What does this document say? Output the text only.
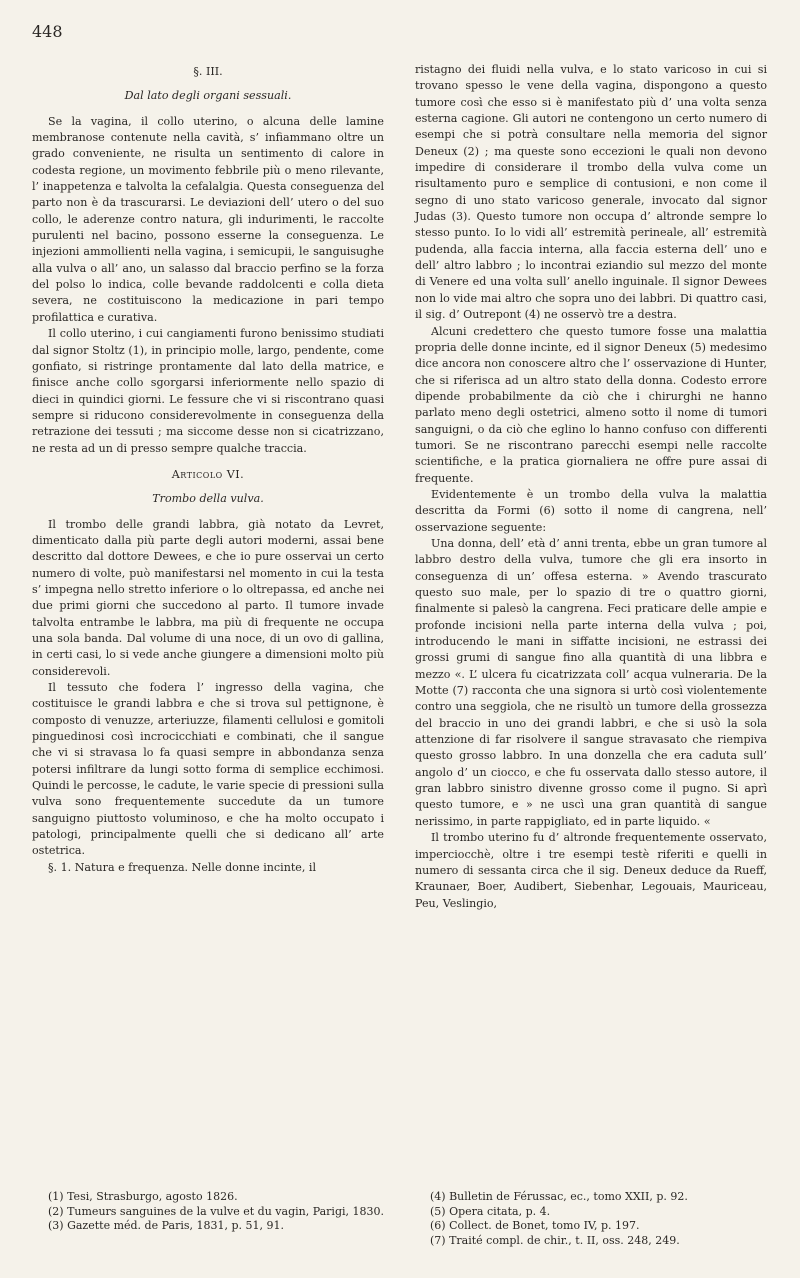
448

§. III.

Dal lato degli organi sessuali.

Se la vagina, il collo uterino, o alcuna delle lamine membranose contenute nella cavità, s’ infiammano oltre un grado conveniente, ne risulta un sentimento di calore in codesta regione, un movimento febbrile più o meno rilevante, l’ inappetenza e talvolta la cefalalgia. Questa conseguenza del parto non è da trascurarsi. Le deviazioni dell’ utero o del suo collo, le aderenze contro natura, gli indurimenti, le raccolte purulenti nel bacino, possono esserne la conseguenza. Le injezioni ammollienti nella vagina, i semicupii, le sanguisughe alla vulva o all’ ano, un salasso dal braccio perfino se la forza del polso lo indica, colle bevande raddolcenti e colla dieta severa, ne costituiscono la medicazione in pari tempo profilattica e curativa.

Il collo uterino, i cui cangiamenti furono benissimo studiati dal signor Stoltz (1), in principio molle, largo, pendente, come gonfiato, si ristringe prontamente dal lato della matrice, e finisce anche collo sgorgarsi inferiormente nello spazio di dieci in quindici giorni. Le fessure che vi si riscontrano quasi sempre si riducono considerevolmente in conseguenza della retrazione dei tessuti ; ma siccome desse non si cicatrizzano, ne resta ad un di presso sempre qualche traccia.

Articolo VI.

Trombo della vulva.

Il trombo delle grandi labbra, già notato da Levret, dimenticato dalla più parte degli autori moderni, assai bene descritto dal dottore Dewees, e che io pure osservai un certo numero di volte, può manifestarsi nel momento in cui la testa s’ impegna nello stretto inferiore o lo oltrepassa, ed anche nei due primi giorni che succedono al parto. Il tumore invade talvolta entrambe le labbra, ma più di frequente ne occupa una sola banda. Dal volume di una noce, di un ovo di gallina, in certi casi, lo si vede anche giungere a dimensioni molto più considerevoli.

Il tessuto che fodera l’ ingresso della vagina, che costituisce le grandi labbra e che si trova sul pettignone, è composto di venuzze, arteriuzze, filamenti cellulosi e gomitoli pinguedinosi così incrocicchiati e combinati, che il sangue che vi si stravasa lo fa quasi sempre in abbondanza senza potersi infiltrare da lungi sotto forma di semplice ecchimosi. Quindi le percosse, le cadute, le varie specie di pressioni sulla vulva sono frequentemente succedute da un tumore sanguigno piuttosto voluminoso, e che ha molto occupato i patologi, principalmente quelli che si dedicano all’ arte ostetrica.

§. 1. Natura e frequenza. Nelle donne incinte, il

ristagno dei fluidi nella vulva, e lo stato varicoso in cui si trovano spesso le vene della vagina, dispongono a questo tumore così che esso si è manifestato più d’ una volta senza esterna cagione. Gli autori ne contengono un certo numero di esempi che si potrà consultare nella memoria del signor Deneux (2) ; ma queste sono eccezioni le quali non devono impedire di considerare il trombo della vulva come un risultamento puro e semplice di contusioni, e non come il segno di uno stato varicoso generale, invocato dal signor Judas (3). Questo tumore non occupa d’ altronde sempre lo stesso punto. Io lo vidi all’ estremità perineale, all’ estremità pudenda, alla faccia interna, alla faccia esterna dell’ uno e dell’ altro labbro ; lo incontrai eziandio sul mezzo del monte di Venere ed una volta sull’ anello inguinale. Il signor Dewees non lo vide mai altro che sopra uno dei labbri. Di quattro casi, il sig. d’ Outrepont (4) ne osservò tre a destra.

Alcuni credettero che questo tumore fosse una malattia propria delle donne incinte, ed il signor Deneux (5) medesimo dice ancora non conoscere altro che l’ osservazione di Hunter, che si riferisca ad un altro stato della donna. Codesto errore dipende probabilmente da ciò che i chirurghi ne hanno parlato meno degli ostetrici, almeno sotto il nome di tumori sanguigni, o da ciò che eglino lo hanno confuso con differenti tumori. Se ne riscontrano parecchi esempi nelle raccolte scientifiche, e la pratica giornaliera ne offre pure assai di frequente.

Evidentemente è un trombo della vulva la malattia descritta da Formi (6) sotto il nome di cangrena, nell’ osservazione seguente:

Una donna, dell’ età d’ anni trenta, ebbe un gran tumore al labbro destro della vulva, tumore che gli era insorto in conseguenza di un’ offesa esterna. » Avendo trascurato questo suo male, per lo spazio di tre o quattro giorni, finalmente si palesò la cangrena. Feci praticare delle ampie e profonde incisioni nella parte interna della vulva ; poi, introducendo le mani in siffatte incisioni, ne estrassi dei grossi grumi di sangue fino alla quantità di una libbra e mezzo «. L’ ulcera fu cicatrizzata coll’ acqua vulneraria. De la Motte (7) racconta che una signora si urtò così violentemente contro una seggiola, che ne risultò un tumore della grossezza del braccio in uno dei grandi labbri, e che si usò la sola attenzione di far risolvere il sangue stravasato che riempiva questo grosso labbro. In una donzella che era caduta sull’ angolo d’ un ciocco, e che fu osservata dallo stesso autore, il gran labbro sinistro divenne grosso come il pugno. Si aprì questo tumore, e » ne uscì una gran quantità di sangue nerissimo, in parte rappigliato, ed in parte liquido. «

Il trombo uterino fu d’ altronde frequentemente osservato, imperciocchè, oltre i tre esempi testè riferiti e quelli in numero di sessanta circa che il sig. Deneux deduce da Rueff, Kraunaer, Boer, Audibert, Siebenhar, Legouais, Mauriceau, Peu, Veslingio,

(1) Tesi, Strasburgo, agosto 1826.

(2) Tumeurs sanguines de la vulve et du vagin, Parigi, 1830.

(3) Gazette méd. de Paris, 1831, p. 51, 91.

(4) Bulletin de Férussac, ec., tomo XXII, p. 92.

(5) Opera citata, p. 4.

(6) Collect. de Bonet, tomo IV, p. 197.

(7) Traité compl. de chir., t. II, oss. 248, 249.
